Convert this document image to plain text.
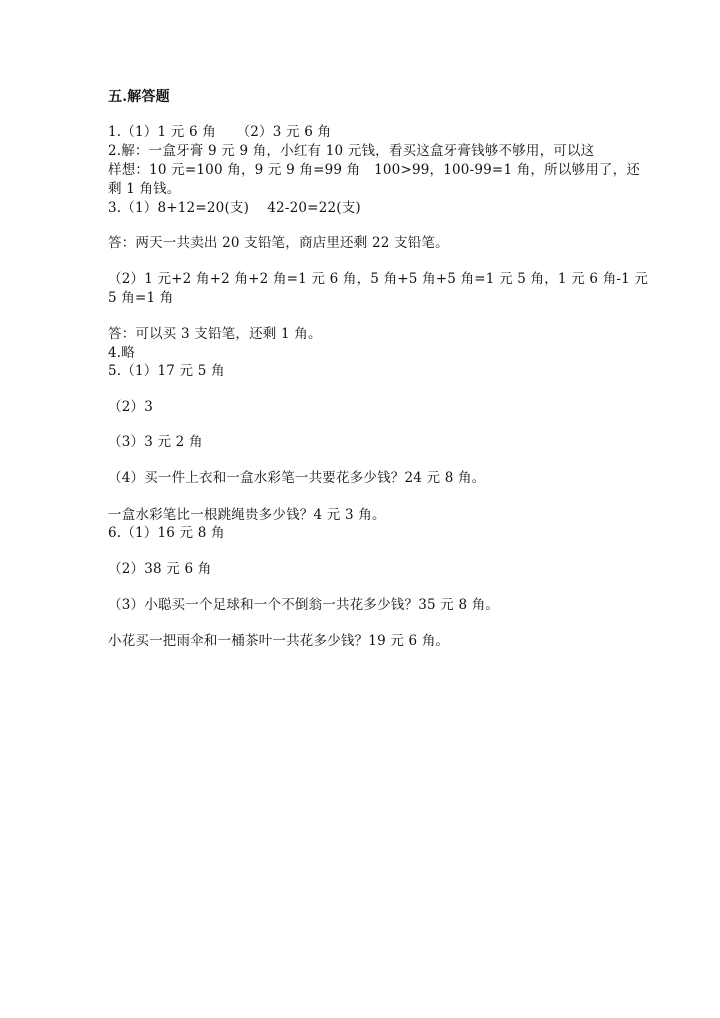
五.解答题
1.（1）1 元 6 角　　（2）3 元 6 角
2.解：一盒牙膏 9 元 9 角，小红有 10 元钱，看买这盒牙膏钱够不够用，可以这
样想：10 元=100 角，9 元 9 角=99 角　100>99，100-99=1 角，所以够用了，还
剩 1 角钱。
3.（1）8+12=20(支)　 42-20=22(支)
答：两天一共卖出 20 支铅笔，商店里还剩 22 支铅笔。
（2）1 元+2 角+2 角+2 角=1 元 6 角，5 角+5 角+5 角=1 元 5 角，1 元 6 角-1 元
5 角=1 角
答：可以买 3 支铅笔，还剩 1 角。
4.略
5.（1）17 元 5 角
（2）3
（3）3 元 2 角
（4）买一件上衣和一盒水彩笔一共要花多少钱？24 元 8 角。
一盒水彩笔比一根跳绳贵多少钱？4 元 3 角。
6.（1）16 元 8 角
（2）38 元 6 角
（3）小聪买一个足球和一个不倒翁一共花多少钱？35 元 8 角。
小花买一把雨伞和一桶茶叶一共花多少钱？19 元 6 角。
